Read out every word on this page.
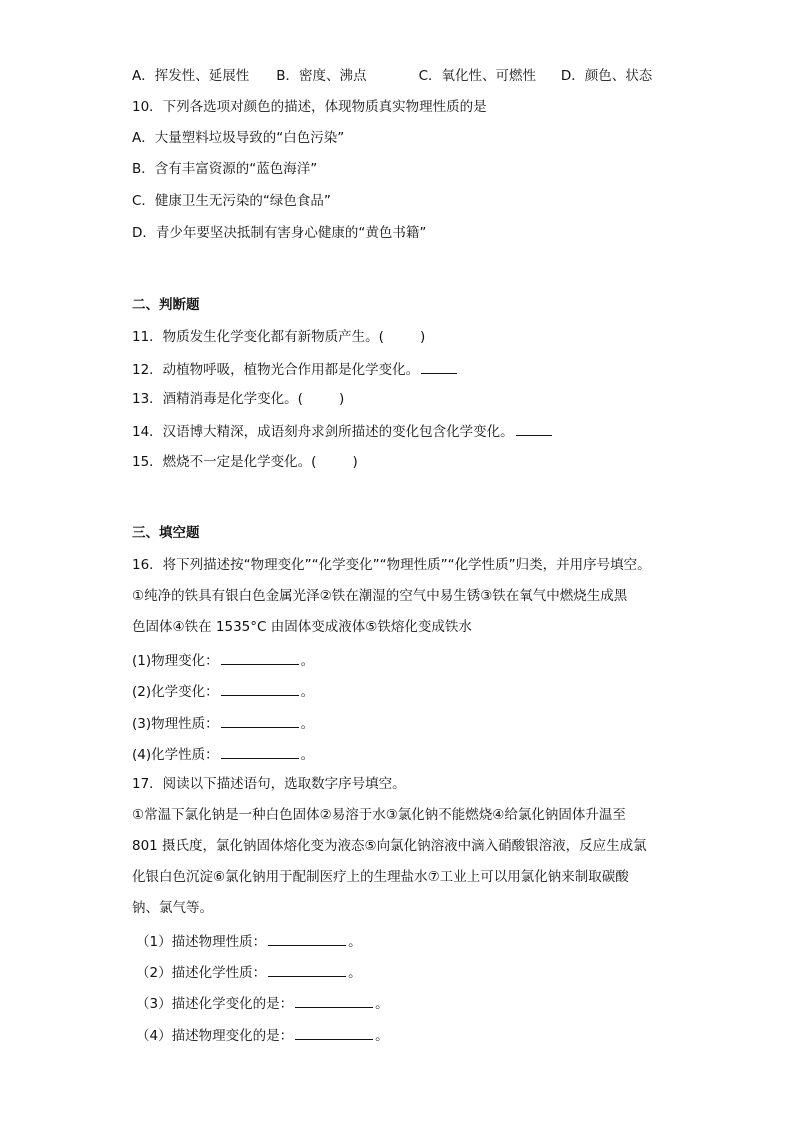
A．挥发性、延展性 B．密度、沸点	C．氧化性、可燃性 D．颜色、状态
10．下列各选项对颜色的描述，体现物质真实物理性质的是
A．大量塑料垃圾导致的“白色污染”
B．含有丰富资源的“蓝色海洋”
C．健康卫生无污染的“绿色食品”
D．青少年要坚决抵制有害身心健康的“黄色书籍”
二、判断题
11．物质发生化学变化都有新物质产生。(	)
12．动植物呼吸，植物光合作用都是化学变化。
13．酒精消毒是化学变化。(	)
14．汉语博大精深，成语刻舟求剑所描述的变化包含化学变化。
15．燃烧不一定是化学变化。(	)
三、填空题
16．将下列描述按“物理变化”“化学变化”“物理性质”“化学性质”归类，并用序号填空。
①纯净的铁具有银白色金属光泽②铁在潮湿的空气中易生锈③铁在氧气中燃烧生成黑
色固体④铁在 1535°C 由固体变成液体⑤铁熔化变成铁水
(1)物理变化：	。
(2)化学变化：	。
(3)物理性质：	。
(4)化学性质：	。
17．阅读以下描述语句，选取数字序号填空。
①常温下氯化钠是一种白色固体②易溶于水③氯化钠不能燃烧④给氯化钠固体升温至
801 摄氏度，氯化钠固体熔化变为液态⑤向氯化钠溶液中滴入硝酸银溶液，反应生成氯
化银白色沉淀⑥氯化钠用于配制医疗上的生理盐水⑦工业上可以用氯化钠来制取碳酸
钠、氯气等。
（1）描述物理性质：	。
（2）描述化学性质：	。
（3）描述化学变化的是：	。
（4）描述物理变化的是：	。
